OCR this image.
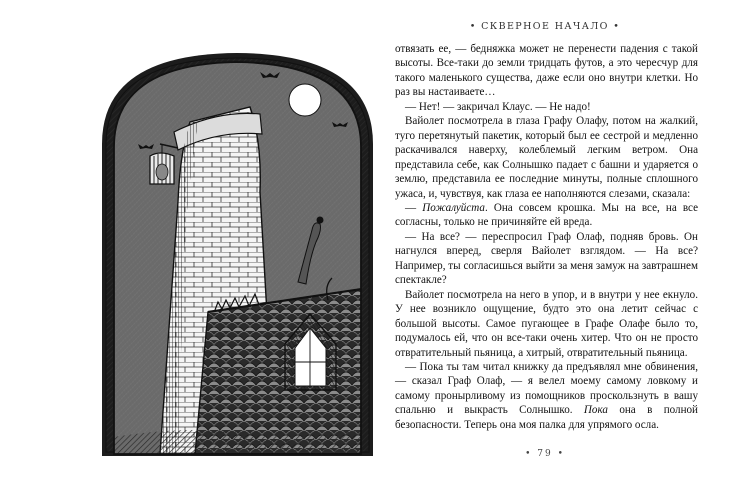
• СКВЕРНОЕ НАЧАЛО •

отвязать ее, — бедняжка может не перенести падения с такой высоты. Все-таки до земли тридцать футов, а это чересчур для такого маленького существа, даже если оно внутри клетки. Но раз вы настаиваете…

— Нет! — закричал Клаус. — Не надо!

Вайолет посмотрела в глаза Графу Олафу, потом на жалкий, туго перетянутый пакетик, который был ее сестрой и медленно раскачивался наверху, колеблемый легким ветром. Она представила себе, как Солнышко падает с башни и ударяется о землю, представила ее последние минуты, полные сплошного ужаса, и, чувствуя, как глаза ее наполняются слезами, сказала:

— Пожалуйста. Она совсем крошка. Мы на все, на все согласны, только не причиняйте ей вреда.

— На все? — переспросил Граф Олаф, подняв бровь. Он нагнулся вперед, сверля Вайолет взглядом. — На все? Например, ты согласишься выйти за меня замуж на завтрашнем спектакле?

Вайолет посмотрела на него в упор, и в внутри у нее екнуло. У нее возникло ощущение, будто это она летит сейчас с большой высоты. Самое пугающее в Графе Олафе было то, подумалось ей, что он все-таки очень хитер. Что он не просто отвратительный пьяница, а хитрый, отвратительный пьяница.

— Пока ты там читал книжку да предъявлял мне обвинения, — сказал Граф Олаф, — я велел моему самому ловкому и самому пронырливому из помощников проскользнуть в вашу спальню и выкрасть Солнышко. Пока она в полной безопасности. Теперь она моя палка для упрямого осла.

• 79 •
